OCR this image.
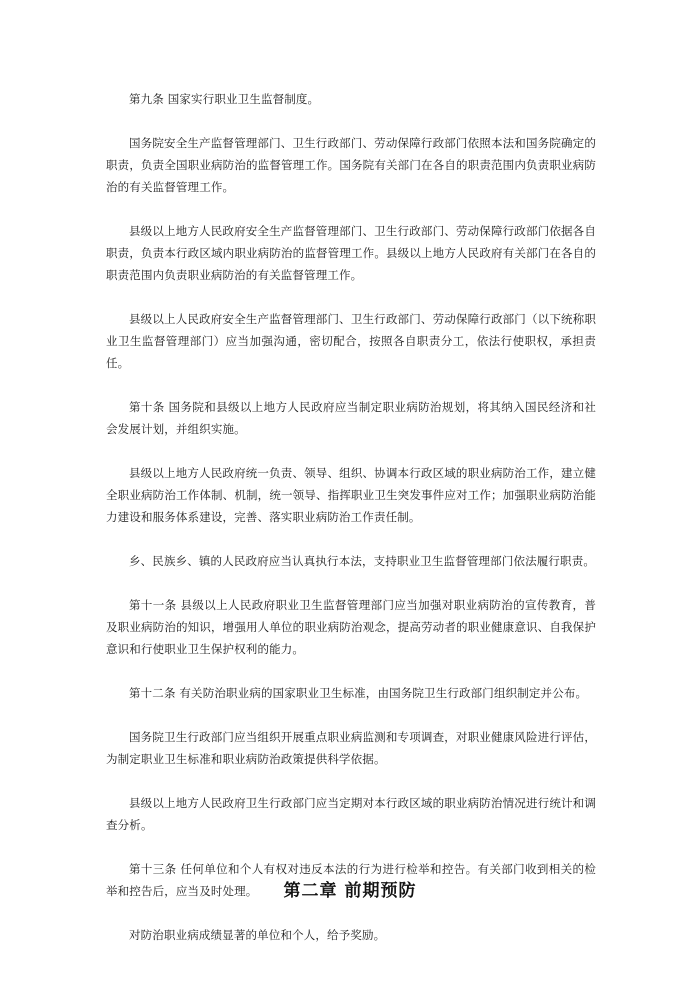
第九条 国家实行职业卫生监督制度。

国务院安全生产监督管理部门、卫生行政部门、劳动保障行政部门依照本法和国务院确定的职责，负责全国职业病防治的监督管理工作。国务院有关部门在各自的职责范围内负责职业病防治的有关监督管理工作。

县级以上地方人民政府安全生产监督管理部门、卫生行政部门、劳动保障行政部门依据各自职责，负责本行政区域内职业病防治的监督管理工作。县级以上地方人民政府有关部门在各自的职责范围内负责职业病防治的有关监督管理工作。

县级以上人民政府安全生产监督管理部门、卫生行政部门、劳动保障行政部门（以下统称职业卫生监督管理部门）应当加强沟通，密切配合，按照各自职责分工，依法行使职权，承担责任。

第十条 国务院和县级以上地方人民政府应当制定职业病防治规划，将其纳入国民经济和社会发展计划，并组织实施。

县级以上地方人民政府统一负责、领导、组织、协调本行政区域的职业病防治工作，建立健全职业病防治工作体制、机制，统一领导、指挥职业卫生突发事件应对工作；加强职业病防治能力建设和服务体系建设，完善、落实职业病防治工作责任制。

乡、民族乡、镇的人民政府应当认真执行本法，支持职业卫生监督管理部门依法履行职责。

第十一条 县级以上人民政府职业卫生监督管理部门应当加强对职业病防治的宣传教育，普及职业病防治的知识，增强用人单位的职业病防治观念，提高劳动者的职业健康意识、自我保护意识和行使职业卫生保护权利的能力。

第十二条 有关防治职业病的国家职业卫生标准，由国务院卫生行政部门组织制定并公布。

国务院卫生行政部门应当组织开展重点职业病监测和专项调查，对职业健康风险进行评估，为制定职业卫生标准和职业病防治政策提供科学依据。

县级以上地方人民政府卫生行政部门应当定期对本行政区域的职业病防治情况进行统计和调查分析。

第十三条 任何单位和个人有权对违反本法的行为进行检举和控告。有关部门收到相关的检举和控告后，应当及时处理。

对防治职业病成绩显著的单位和个人，给予奖励。

第二章 前期预防
